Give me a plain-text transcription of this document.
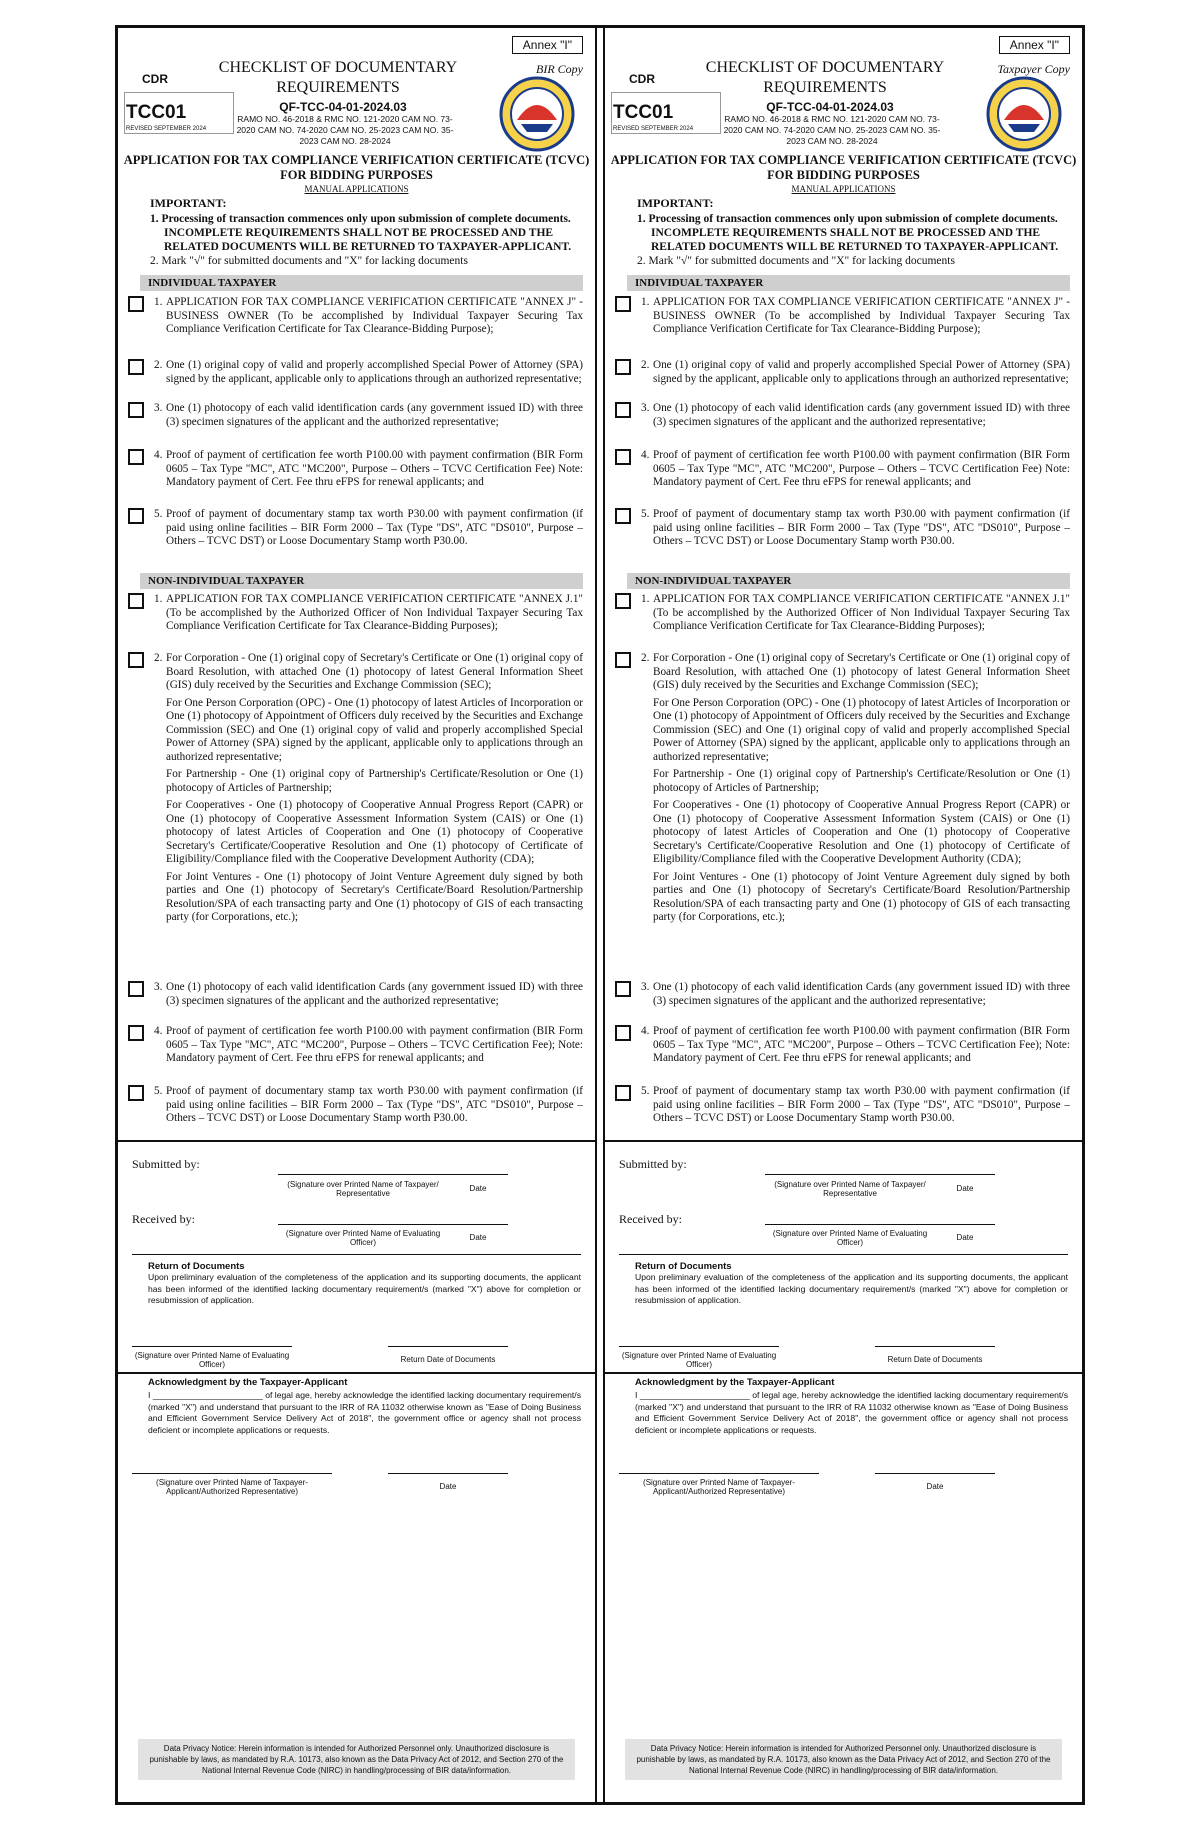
Annex "I"
BIR Copy
CDR
TCC01
REVISED SEPTEMBER 2024
CHECKLIST OF DOCUMENTARY REQUIREMENTS
QF-TCC-04-01-2024.03
RAMO NO. 46-2018 & RMC NO. 121-2020 CAM NO. 73-2020 CAM NO. 74-2020 CAM NO. 25-2023 CAM NO. 35-2023 CAM NO. 28-2024
APPLICATION FOR TAX COMPLIANCE VERIFICATION CERTIFICATE (TCVC) FOR BIDDING PURPOSES
MANUAL APPLICATIONS
IMPORTANT:
1. Processing of transaction commences only upon submission of complete documents. INCOMPLETE REQUIREMENTS SHALL NOT BE PROCESSED AND THE RELATED DOCUMENTS WILL BE RETURNED TO TAXPAYER-APPLICANT.
2. Mark "√" for submitted documents and "X" for lacking documents
INDIVIDUAL TAXPAYER
1. APPLICATION FOR TAX COMPLIANCE VERIFICATION CERTIFICATE "ANNEX J" - BUSINESS OWNER (To be accomplished by Individual Taxpayer Securing Tax Compliance Verification Certificate for Tax Clearance-Bidding Purpose);
2. One (1) original copy of valid and properly accomplished Special Power of Attorney (SPA) signed by the applicant, applicable only to applications through an authorized representative;
3. One (1) photocopy of each valid identification cards (any government issued ID) with three (3) specimen signatures of the applicant and the authorized representative;
4. Proof of payment of certification fee worth P100.00 with payment confirmation (BIR Form 0605 – Tax Type "MC", ATC "MC200", Purpose – Others – TCVC Certification Fee) Note: Mandatory payment of Cert. Fee thru eFPS for renewal applicants; and
5. Proof of payment of documentary stamp tax worth P30.00 with payment confirmation (if paid using online facilities – BIR Form 2000 – Tax (Type "DS", ATC "DS010", Purpose – Others – TCVC DST) or Loose Documentary Stamp worth P30.00.
NON-INDIVIDUAL TAXPAYER
1. APPLICATION FOR TAX COMPLIANCE VERIFICATION CERTIFICATE "ANNEX J.1" (To be accomplished by the Authorized Officer of Non Individual Taxpayer Securing Tax Compliance Verification Certificate for Tax Clearance-Bidding Purposes);
2. For Corporation - One (1) original copy of Secretary's Certificate or One (1) original copy of Board Resolution, with attached One (1) photocopy of latest General Information Sheet (GIS) duly received by the Securities and Exchange Commission (SEC);
For One Person Corporation (OPC) - One (1) photocopy of latest Articles of Incorporation or One (1) photocopy of Appointment of Officers duly received by the Securities and Exchange Commission (SEC) and One (1) original copy of valid and properly accomplished Special Power of Attorney (SPA) signed by the applicant, applicable only to applications through an authorized representative;
For Partnership - One (1) original copy of Partnership's Certificate/Resolution or One (1) photocopy of Articles of Partnership;
For Cooperatives - One (1) photocopy of Cooperative Annual Progress Report (CAPR) or One (1) photocopy of Cooperative Assessment Information System (CAIS) or One (1) photocopy of latest Articles of Cooperation and One (1) photocopy of Cooperative Secretary's Certificate/Cooperative Resolution and One (1) photocopy of Certificate of Eligibility/Compliance filed with the Cooperative Development Authority (CDA);
For Joint Ventures - One (1) photocopy of Joint Venture Agreement duly signed by both parties and One (1) photocopy of Secretary's Certificate/Board Resolution/Partnership Resolution/SPA of each transacting party and One (1) photocopy of GIS of each transacting party (for Corporations, etc.);
3. One (1) photocopy of each valid identification Cards (any government issued ID) with three (3) specimen signatures of the applicant and the authorized representative;
4. Proof of payment of certification fee worth P100.00 with payment confirmation (BIR Form 0605 – Tax Type "MC", ATC "MC200", Purpose – Others – TCVC Certification Fee); Note: Mandatory payment of Cert. Fee thru eFPS for renewal applicants; and
5. Proof of payment of documentary stamp tax worth P30.00 with payment confirmation (if paid using online facilities – BIR Form 2000 – Tax (Type "DS", ATC "DS010", Purpose – Others – TCVC DST) or Loose Documentary Stamp worth P30.00.
Submitted by:
(Signature over Printed Name of Taxpayer/ Representative
Date
Received by:
(Signature over Printed Name of Evaluating Officer)
Date
Return of Documents
Upon preliminary evaluation of the completeness of the application and its supporting documents, the applicant has been informed of the identified lacking documentary requirement/s (marked "X") above for completion or resubmission of application.
(Signature over Printed Name of Evaluating Officer)
Return Date of Documents
Acknowledgment by the Taxpayer-Applicant
I _______________________ of legal age, hereby acknowledge the identified lacking documentary requirement/s (marked "X") and understand that pursuant to the IRR of RA 11032 otherwise known as "Ease of Doing Business and Efficient Government Service Delivery Act of 2018", the government office or agency shall not process deficient or incomplete applications or requests.
(Signature over Printed Name of Taxpayer-Applicant/Authorized Representative)
Date
Data Privacy Notice: Herein information is intended for Authorized Personnel only. Unauthorized disclosure is punishable by laws, as mandated by R.A. 10173, also known as the Data Privacy Act of 2012, and Section 270 of the National Internal Revenue Code (NIRC) in handling/processing of BIR data/information.
Annex "I"
Taxpayer Copy
CDR
TCC01
REVISED SEPTEMBER 2024
CHECKLIST OF DOCUMENTARY REQUIREMENTS
QF-TCC-04-01-2024.03
RAMO NO. 46-2018 & RMC NO. 121-2020 CAM NO. 73-2020 CAM NO. 74-2020 CAM NO. 25-2023 CAM NO. 35-2023 CAM NO. 28-2024
APPLICATION FOR TAX COMPLIANCE VERIFICATION CERTIFICATE (TCVC) FOR BIDDING PURPOSES
MANUAL APPLICATIONS
IMPORTANT:
1. Processing of transaction commences only upon submission of complete documents. INCOMPLETE REQUIREMENTS SHALL NOT BE PROCESSED AND THE RELATED DOCUMENTS WILL BE RETURNED TO TAXPAYER-APPLICANT.
2. Mark "√" for submitted documents and "X" for lacking documents
INDIVIDUAL TAXPAYER
1. APPLICATION FOR TAX COMPLIANCE VERIFICATION CERTIFICATE "ANNEX J" - BUSINESS OWNER (To be accomplished by Individual Taxpayer Securing Tax Compliance Verification Certificate for Tax Clearance-Bidding Purpose);
2. One (1) original copy of valid and properly accomplished Special Power of Attorney (SPA) signed by the applicant, applicable only to applications through an authorized representative;
3. One (1) photocopy of each valid identification cards (any government issued ID) with three (3) specimen signatures of the applicant and the authorized representative;
4. Proof of payment of certification fee worth P100.00 with payment confirmation (BIR Form 0605 – Tax Type "MC", ATC "MC200", Purpose – Others – TCVC Certification Fee) Note: Mandatory payment of Cert. Fee thru eFPS for renewal applicants; and
5. Proof of payment of documentary stamp tax worth P30.00 with payment confirmation (if paid using online facilities – BIR Form 2000 – Tax (Type "DS", ATC "DS010", Purpose – Others – TCVC DST) or Loose Documentary Stamp worth P30.00.
NON-INDIVIDUAL TAXPAYER
1. APPLICATION FOR TAX COMPLIANCE VERIFICATION CERTIFICATE "ANNEX J.1" (To be accomplished by the Authorized Officer of Non Individual Taxpayer Securing Tax Compliance Verification Certificate for Tax Clearance-Bidding Purposes);
2. For Corporation - One (1) original copy of Secretary's Certificate or One (1) original copy of Board Resolution, with attached One (1) photocopy of latest General Information Sheet (GIS) duly received by the Securities and Exchange Commission (SEC);
For One Person Corporation (OPC) - One (1) photocopy of latest Articles of Incorporation or One (1) photocopy of Appointment of Officers duly received by the Securities and Exchange Commission (SEC) and One (1) original copy of valid and properly accomplished Special Power of Attorney (SPA) signed by the applicant, applicable only to applications through an authorized representative;
For Partnership - One (1) original copy of Partnership's Certificate/Resolution or One (1) photocopy of Articles of Partnership;
For Cooperatives - One (1) photocopy of Cooperative Annual Progress Report (CAPR) or One (1) photocopy of Cooperative Assessment Information System (CAIS) or One (1) photocopy of latest Articles of Cooperation and One (1) photocopy of Cooperative Secretary's Certificate/Cooperative Resolution and One (1) photocopy of Certificate of Eligibility/Compliance filed with the Cooperative Development Authority (CDA);
For Joint Ventures - One (1) photocopy of Joint Venture Agreement duly signed by both parties and One (1) photocopy of Secretary's Certificate/Board Resolution/Partnership Resolution/SPA of each transacting party and One (1) photocopy of GIS of each transacting party (for Corporations, etc.);
3. One (1) photocopy of each valid identification Cards (any government issued ID) with three (3) specimen signatures of the applicant and the authorized representative;
4. Proof of payment of certification fee worth P100.00 with payment confirmation (BIR Form 0605 – Tax Type "MC", ATC "MC200", Purpose – Others – TCVC Certification Fee); Note: Mandatory payment of Cert. Fee thru eFPS for renewal applicants; and
5. Proof of payment of documentary stamp tax worth P30.00 with payment confirmation (if paid using online facilities – BIR Form 2000 – Tax (Type "DS", ATC "DS010", Purpose – Others – TCVC DST) or Loose Documentary Stamp worth P30.00.
Submitted by:
(Signature over Printed Name of Taxpayer/ Representative
Date
Received by:
(Signature over Printed Name of Evaluating Officer)
Date
Return of Documents
Upon preliminary evaluation of the completeness of the application and its supporting documents, the applicant has been informed of the identified lacking documentary requirement/s (marked "X") above for completion or resubmission of application.
(Signature over Printed Name of Evaluating Officer)
Return Date of Documents
Acknowledgment by the Taxpayer-Applicant
I _______________________ of legal age, hereby acknowledge the identified lacking documentary requirement/s (marked "X") and understand that pursuant to the IRR of RA 11032 otherwise known as "Ease of Doing Business and Efficient Government Service Delivery Act of 2018", the government office or agency shall not process deficient or incomplete applications or requests.
(Signature over Printed Name of Taxpayer-Applicant/Authorized Representative)
Date
Data Privacy Notice: Herein information is intended for Authorized Personnel only. Unauthorized disclosure is punishable by laws, as mandated by R.A. 10173, also known as the Data Privacy Act of 2012, and Section 270 of the National Internal Revenue Code (NIRC) in handling/processing of BIR data/information.
